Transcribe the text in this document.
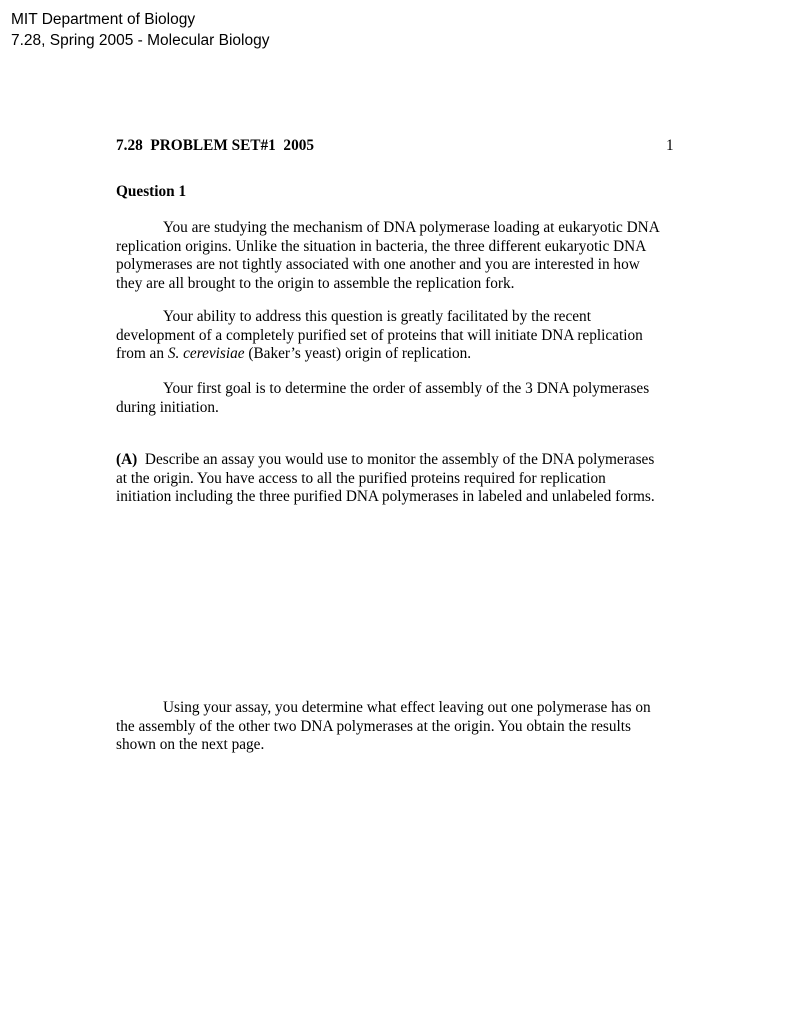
MIT Department of Biology
7.28, Spring 2005 - Molecular Biology
7.28  PROBLEM SET#1  2005	1
Question 1
You are studying the mechanism of DNA polymerase loading at eukaryotic DNA
replication origins. Unlike the situation in bacteria, the three different eukaryotic DNA
polymerases are not tightly associated with one another and you are interested in how
they are all brought to the origin to assemble the replication fork.
Your ability to address this question is greatly facilitated by the recent
development of a completely purified set of proteins that will initiate DNA replication
from an S. cerevisiae (Baker’s yeast) origin of replication.
Your first goal is to determine the order of assembly of the 3 DNA polymerases
during initiation.
(A)  Describe an assay you would use to monitor the assembly of the DNA polymerases
at the origin. You have access to all the purified proteins required for replication
initiation including the three purified DNA polymerases in labeled and unlabeled forms.
Using your assay, you determine what effect leaving out one polymerase has on
the assembly of the other two DNA polymerases at the origin. You obtain the results
shown on the next page.
